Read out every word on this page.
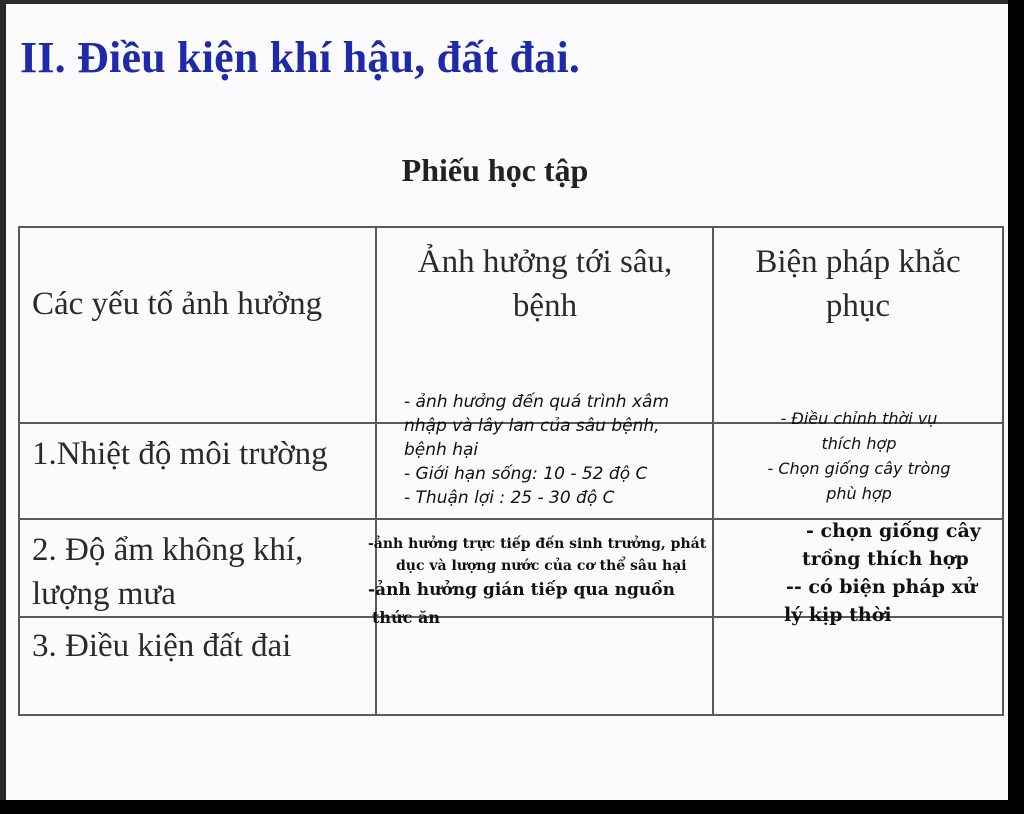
II. Điều kiện khí hậu, đất đai.
Phiếu học tập
Các yếu tố ảnh hưởng
Ảnh hưởng tới sâu,
bệnh
Biện pháp khắc
phục
1.Nhiệt độ môi trường
- ảnh hưởng đến quá trình xâm
nhập và lây lan của sâu bệnh,
bệnh hại
- Giới hạn sống: 10 - 52 độ C
- Thuận lợi : 25 - 30 độ C
- Điều chỉnh thời vụ
thích hợp
- Chọn giống cây tròng
phù hợp
2. Độ ẩm không khí,
lượng mưa
-ảnh hưởng trực tiếp đến sinh trưởng, phát
dục và lượng nước của cơ thể sâu hại
-ảnh hưởng gián tiếp qua nguồn
thức ăn
- chọn giống cây
trồng thích hợp
-- có biện pháp xử
lý kịp thời
3. Điều kiện đất đai
